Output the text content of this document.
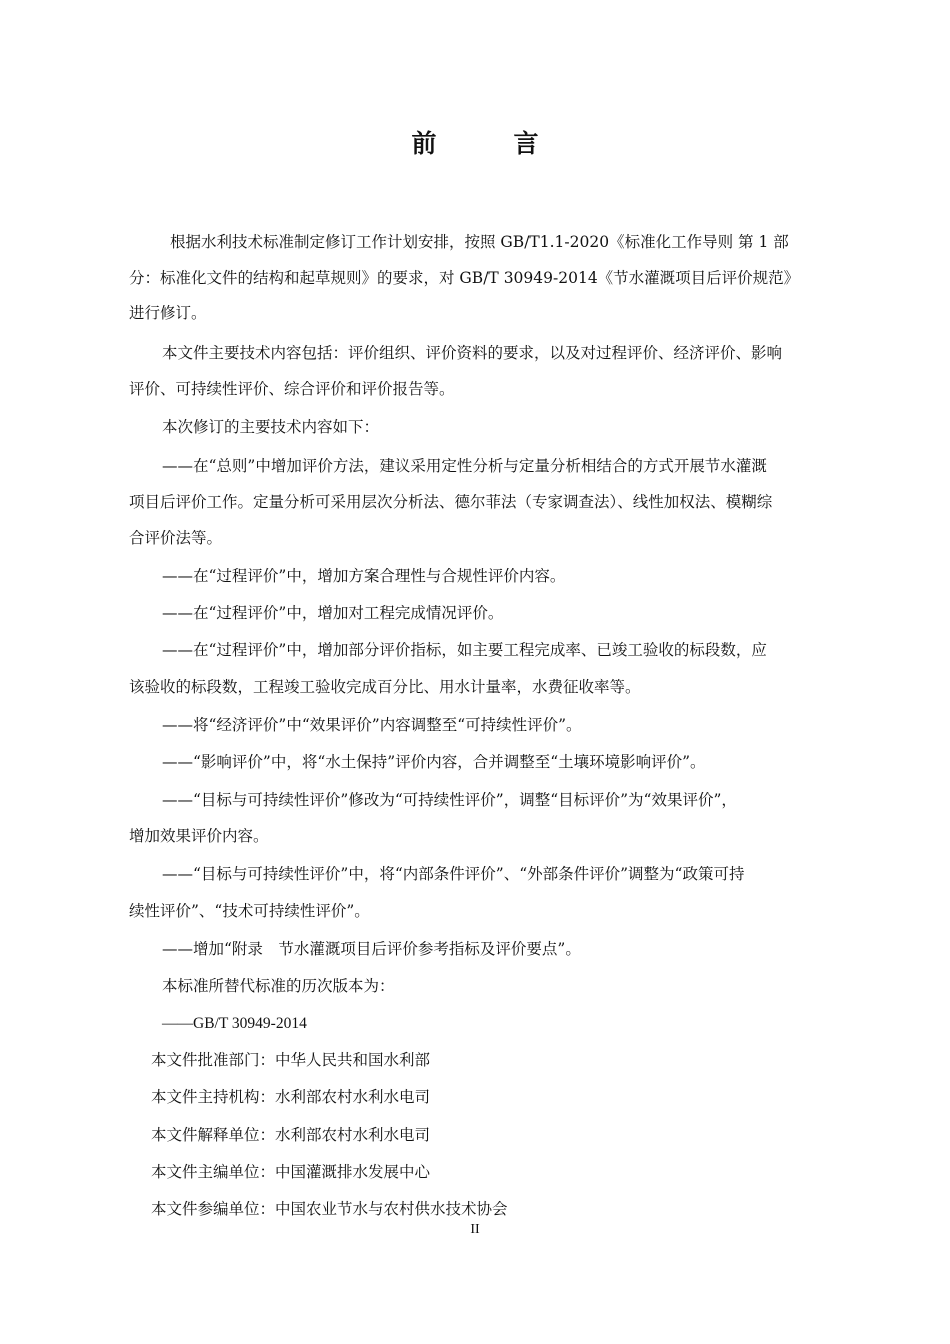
前　言
根据水利技术标准制定修订工作计划安排，按照 GB/T1.1-2020《标准化工作导则 第 1 部
分：标准化文件的结构和起草规则》的要求，对 GB/T 30949-2014《节水灌溉项目后评价规范》
进行修订。
本文件主要技术内容包括：评价组织、评价资料的要求，以及对过程评价、经济评价、影响
评价、可持续性评价、综合评价和评价报告等。
本次修订的主要技术内容如下：
——在“总则”中增加评价方法，建议采用定性分析与定量分析相结合的方式开展节水灌溉
项目后评价工作。定量分析可采用层次分析法、德尔菲法（专家调查法）、线性加权法、模糊综
合评价法等。
——在“过程评价”中，增加方案合理性与合规性评价内容。
——在“过程评价”中，增加对工程完成情况评价。
——在“过程评价”中，增加部分评价指标，如主要工程完成率、已竣工验收的标段数，应
该验收的标段数，工程竣工验收完成百分比、用水计量率，水费征收率等。
——将“经济评价”中“效果评价”内容调整至“可持续性评价”。
——“影响评价”中，将“水土保持”评价内容，合并调整至“土壤环境影响评价”。
——“目标与可持续性评价”修改为“可持续性评价”，调整“目标评价”为“效果评价”，
增加效果评价内容。
——“目标与可持续性评价”中，将“内部条件评价”、“外部条件评价”调整为“政策可持
续性评价”、“技术可持续性评价”。
——增加“附录　节水灌溉项目后评价参考指标及评价要点”。
本标准所替代标准的历次版本为：
——GB/T 30949-2014
本文件批准部门：中华人民共和国水利部
本文件主持机构：水利部农村水利水电司
本文件解释单位：水利部农村水利水电司
本文件主编单位：中国灌溉排水发展中心
本文件参编单位：中国农业节水与农村供水技术协会
II
